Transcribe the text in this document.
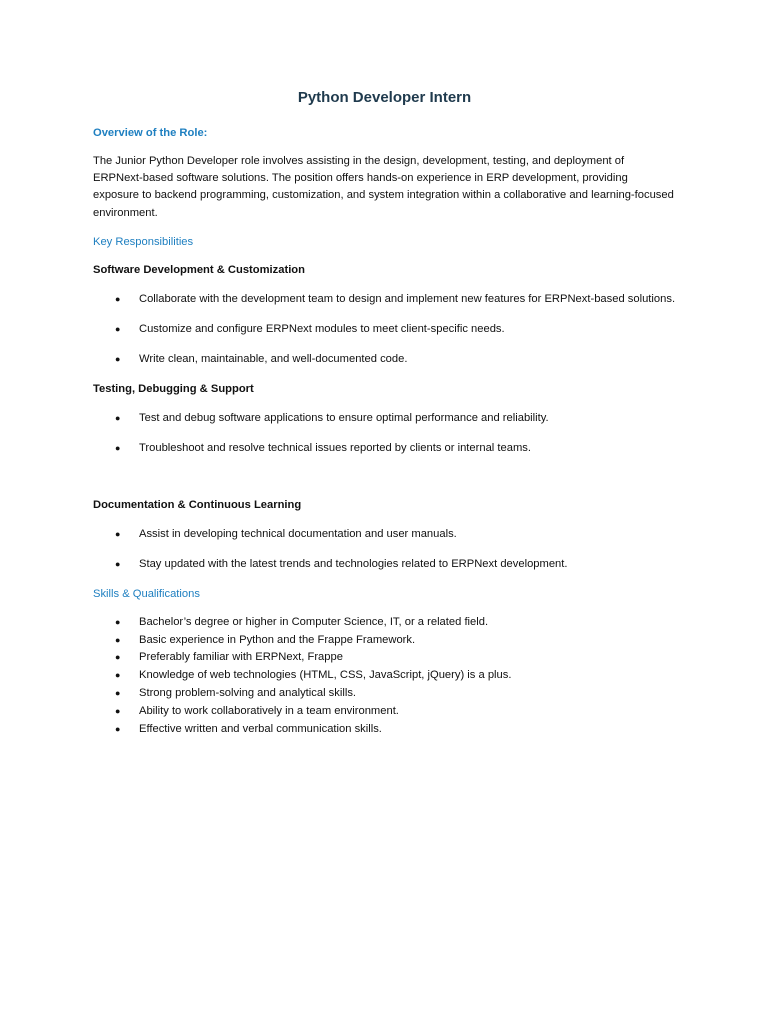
Python Developer Intern
Overview of the Role:

The Junior Python Developer role involves assisting in the design, development, testing, and deployment of ERPNext-based software solutions. The position offers hands-on experience in ERP development, providing exposure to backend programming, customization, and system integration within a collaborative and learning-focused environment.

Key Responsibilities
Software Development & Customization
● Collaborate with the development team to design and implement new features for ERPNext-based solutions.
● Customize and configure ERPNext modules to meet client-specific needs.
● Write clean, maintainable, and well-documented code.
Testing, Debugging & Support
● Test and debug software applications to ensure optimal performance and reliability.
● Troubleshoot and resolve technical issues reported by clients or internal teams.
Documentation & Continuous Learning
● Assist in developing technical documentation and user manuals.
● Stay updated with the latest trends and technologies related to ERPNext development.
Skills & Qualifications
● Bachelor’s degree or higher in Computer Science, IT, or a related field.
● Basic experience in Python and the Frappe Framework.
● Preferably familiar with ERPNext, Frappe
● Knowledge of web technologies (HTML, CSS, JavaScript, jQuery) is a plus.
● Strong problem-solving and analytical skills.
● Ability to work collaboratively in a team environment.
● Effective written and verbal communication skills.
